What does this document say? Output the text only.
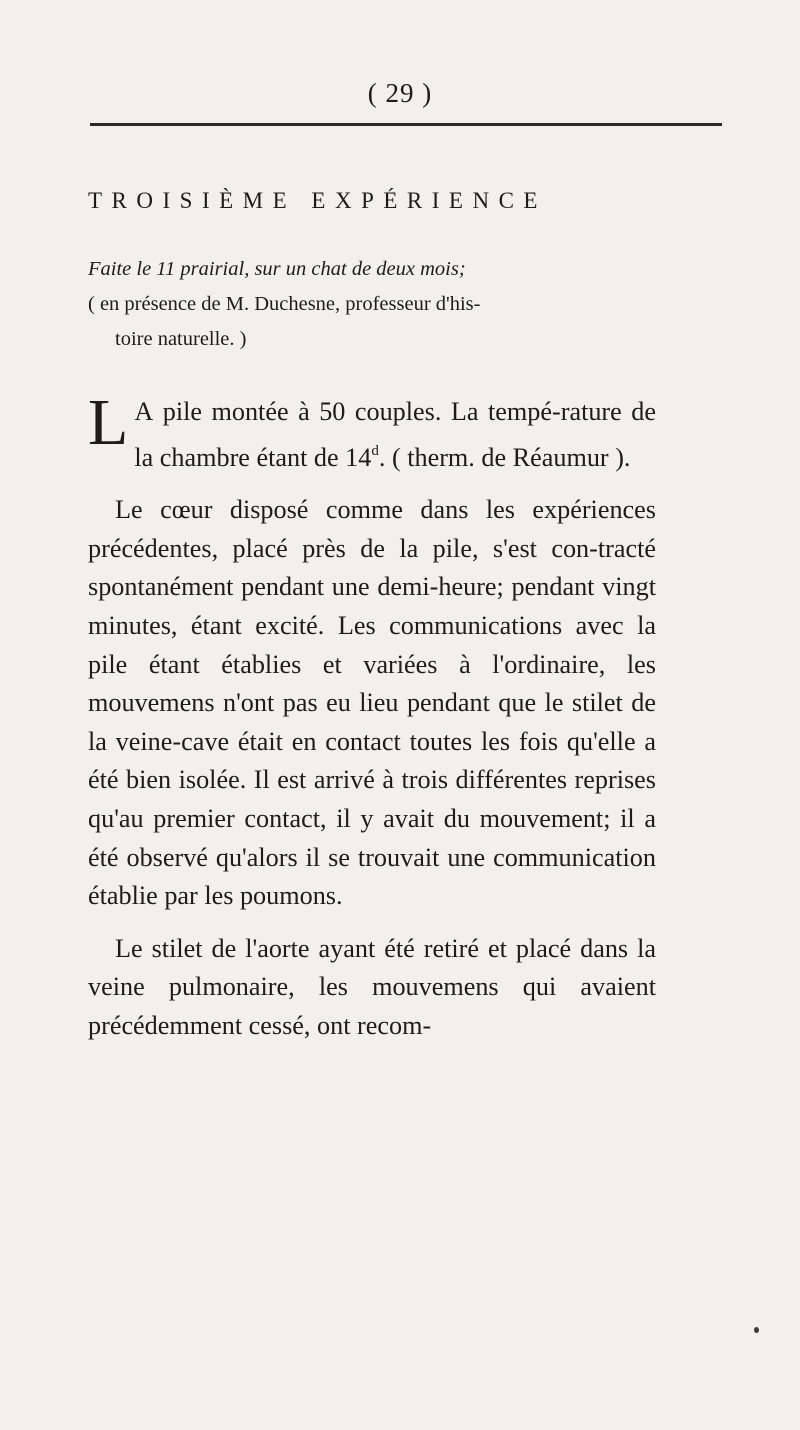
( 29 )
TROISIÈME EXPÉRIENCE
Faite le 11 prairial, sur un chat de deux mois;
( en présence de M. Duchesne, professeur d'his-
toire naturelle. )

L A pile montée à 50 couples. La tempé-rature de la chambre étant de 14$^d$. ( therm. de Réaumur ).

Le cœur disposé comme dans les expériences précédentes, placé près de la pile, s'est con-tracté spontanément pendant une demi-heure; pendant vingt minutes, étant excité. Les communications avec la pile étant établies et variées à l'ordinaire, les mouvemens n'ont pas eu lieu pendant que le stilet de la veine-cave était en contact toutes les fois qu'elle a été bien isolée. Il est arrivé à trois différentes reprises qu'au premier contact, il y avait du mouvement; il a été observé qu'alors il se trouvait une communication établie par les poumons.

Le stilet de l'aorte ayant été retiré et placé dans la veine pulmonaire, les mouvemens qui avaient précédemment cessé, ont recom-
